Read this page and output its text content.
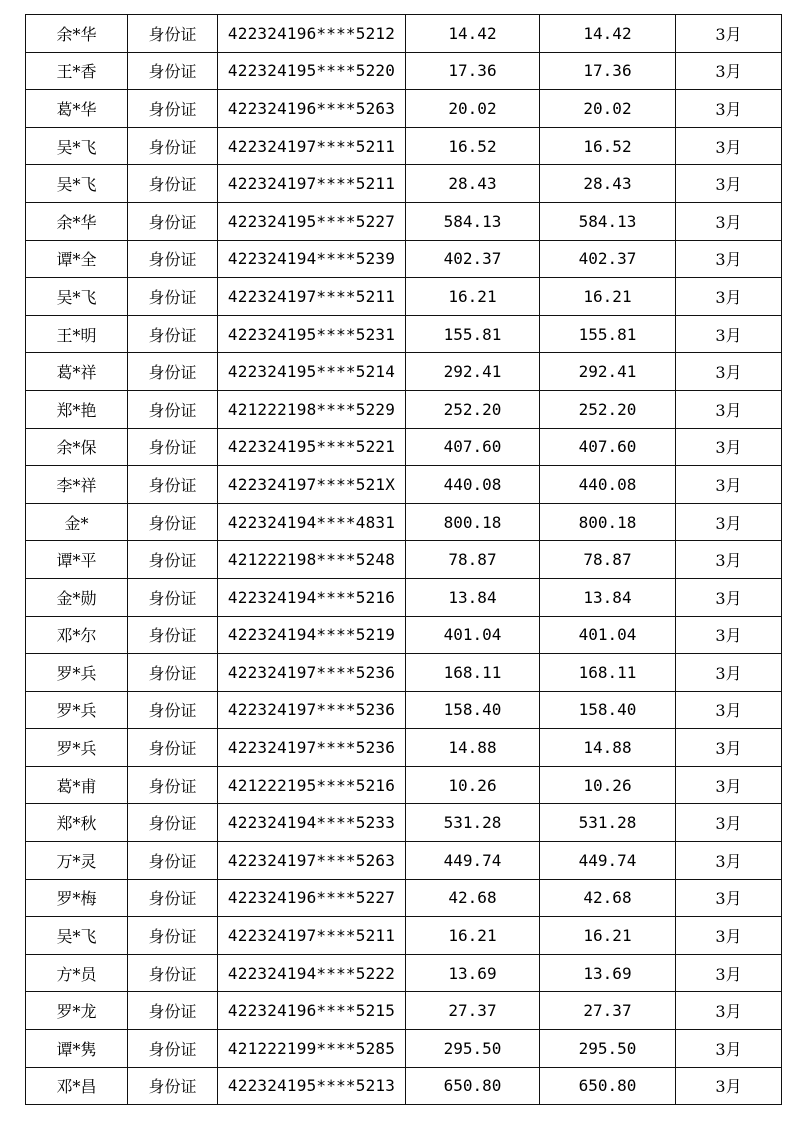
余*华	身份证	422324196****5212	14.42	14.42	3月
王*香	身份证	422324195****5220	17.36	17.36	3月
葛*华	身份证	422324196****5263	20.02	20.02	3月
吴*飞	身份证	422324197****5211	16.52	16.52	3月
吴*飞	身份证	422324197****5211	28.43	28.43	3月
余*华	身份证	422324195****5227	584.13	584.13	3月
谭*全	身份证	422324194****5239	402.37	402.37	3月
吴*飞	身份证	422324197****5211	16.21	16.21	3月
王*明	身份证	422324195****5231	155.81	155.81	3月
葛*祥	身份证	422324195****5214	292.41	292.41	3月
郑*艳	身份证	421222198****5229	252.20	252.20	3月
余*保	身份证	422324195****5221	407.60	407.60	3月
李*祥	身份证	422324197****521X	440.08	440.08	3月
金*	身份证	422324194****4831	800.18	800.18	3月
谭*平	身份证	421222198****5248	78.87	78.87	3月
金*勋	身份证	422324194****5216	13.84	13.84	3月
邓*尔	身份证	422324194****5219	401.04	401.04	3月
罗*兵	身份证	422324197****5236	168.11	168.11	3月
罗*兵	身份证	422324197****5236	158.40	158.40	3月
罗*兵	身份证	422324197****5236	14.88	14.88	3月
葛*甫	身份证	421222195****5216	10.26	10.26	3月
郑*秋	身份证	422324194****5233	531.28	531.28	3月
万*灵	身份证	422324197****5263	449.74	449.74	3月
罗*梅	身份证	422324196****5227	42.68	42.68	3月
吴*飞	身份证	422324197****5211	16.21	16.21	3月
方*员	身份证	422324194****5222	13.69	13.69	3月
罗*龙	身份证	422324196****5215	27.37	27.37	3月
谭*隽	身份证	421222199****5285	295.50	295.50	3月
邓*昌	身份证	422324195****5213	650.80	650.80	3月
